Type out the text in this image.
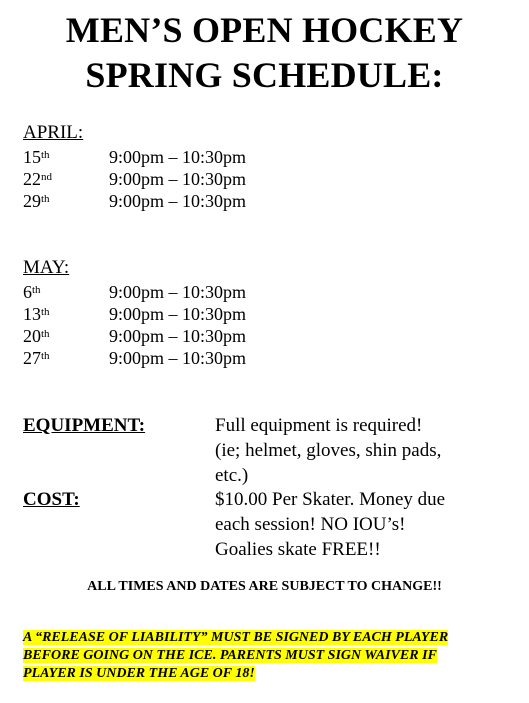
MEN’S OPEN HOCKEY
SPRING SCHEDULE:
APRIL:
15th	9:00pm – 10:30pm
22nd	9:00pm – 10:30pm
29th	9:00pm – 10:30pm
MAY:
6th	9:00pm – 10:30pm
13th	9:00pm – 10:30pm
20th	9:00pm – 10:30pm
27th	9:00pm – 10:30pm
EQUIPMENT:	Full equipment is required!
(ie; helmet, gloves, shin pads,
etc.)
COST:	$10.00 Per Skater. Money due
each session! NO IOU’s!
Goalies skate FREE!!
ALL TIMES AND DATES ARE SUBJECT TO CHANGE!!
A “RELEASE OF LIABILITY” MUST BE SIGNED BY EACH PLAYER
BEFORE GOING ON THE ICE. PARENTS MUST SIGN WAIVER IF
PLAYER IS UNDER THE AGE OF 18!
